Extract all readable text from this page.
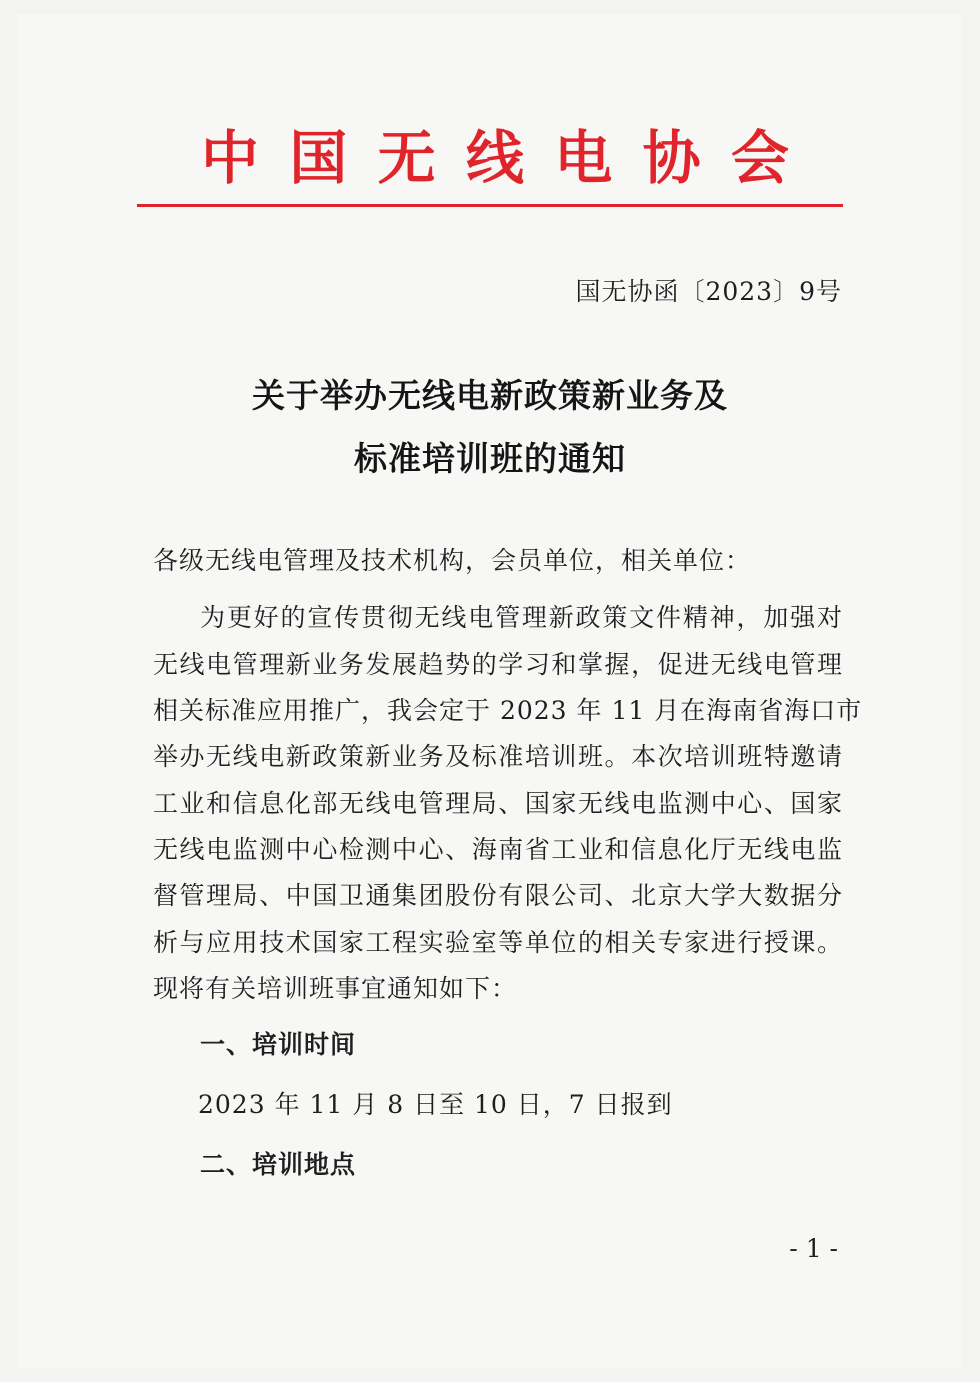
中 国 无 线 电 协 会
国无协函〔2023〕9号
关于举办无线电新政策新业务及
标准培训班的通知
各级无线电管理及技术机构，会员单位，相关单位：
为更好的宣传贯彻无线电管理新政策文件精神，加强对
无线电管理新业务发展趋势的学习和掌握，促进无线电管理
相关标准应用推广，我会定于 2023 年 11 月在海南省海口市
举办无线电新政策新业务及标准培训班。本次培训班特邀请
工业和信息化部无线电管理局、国家无线电监测中心、国家
无线电监测中心检测中心、海南省工业和信息化厅无线电监
督管理局、中国卫通集团股份有限公司、北京大学大数据分
析与应用技术国家工程实验室等单位的相关专家进行授课。
现将有关培训班事宜通知如下：
一、培训时间
2023 年 11 月 8 日至 10 日，7 日报到
二、培训地点
- 1 -
